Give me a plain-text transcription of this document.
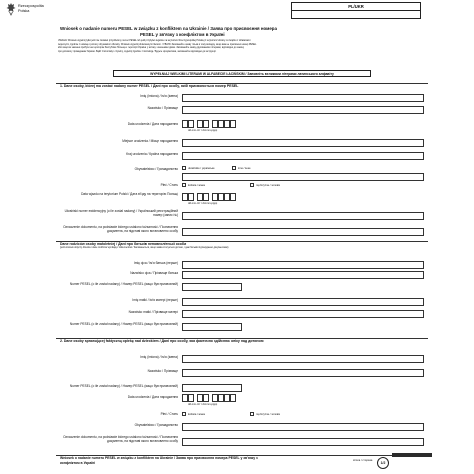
Rzeczpospolita
Polska
PL/UKR
Wniosek o nadanie numeru PESEL w związku z konfliktem na Ukrainie / Заява про присвоєння номера
PESEL у зв'язку з конфліктом в Україні
UWAGA! Wniosek wypełnij tylko jeśli nie zostałeś przydzielony numer PESEL lub jeśli przybyłeś legalnie na terytorium Rzeczypospolitej Polskiej z terytorium Ukrainy w związku z działaniami
wojennymi, zgodnie z ustawą o pomocy obywatelom Ukrainy. Wniosek wypełnij drukowanymi literami. / УВАГА! Заповнюйте заяву тільки в тому випадку, якщо вам не присвоєно номер PESEL
або якщо ви законно прибули на територію Республіки Польща з території України у зв'язку з воєнними діями. Заповнюйте заяву друкованими літерами, відповідно до закону
про допомогу громадянам України. Bądź zrozumiały i czytelny, wypełnij zgodnie z instrukcją / Будьте зрозумілими, заповнюйте відповідно до інструкції.
WYPEŁNIAJ WIELKIMI LITERAMI W ALFABECIE ŁACIŃSKIM / Заповніть великими літерами латинського алфавіту
1. Dane osoby, której ma zostać nadany numer PESEL / Дані про особу, якій присвоюється номер PESEL
Imię (imiona) / Ім'я (імена)
Nazwisko / Прізвище
Data urodzenia / Дата народження
dd-mm-rrrr / dd-mm-рррр
Miejsce urodzenia / Місце народження
Kraj urodzenia / Країна народження
Obywatelstwo / Громадянство	ukraińskie / українське	inne / інше
Płeć / Стать	kobieta / жінка	mężczyzna / чоловік
Data wjazdu na terytorium Polski / Дата в'їзду на територію Польщі
dd-mm-rrrr / dd-mm-рррр
Ukraiński numer ewidencyjny (o ile został nadany) / Український реєстраційний номер (запис №)
Oznaczenie dokumentu, na podstawie którego ustalono tożsamość / Позначення документа, на підставі якого встановлено особу
Dane rodziców osoby małoletniej / Дані про батьків неповнолітньої особи
(jeśli wniosek dotyczy dziecka i dane rodziców wynikają z dokumentów / Заповнюється, якщо заява стосується дитини, і дані батьків підтверджено документами)
Imię ojca / Ім'я батька (перше)
Nazwisko ojca / Прізвище батька
Numer PESEL (o ile został nadany) / Номер PESEL (якщо був присвоєний)
Imię matki / Ім'я матері (перше)
Nazwisko matki / Прізвище матері
Numer PESEL (o ile został nadany) / Номер PESEL (якщо був присвоєний)
2. Dane osoby sprawującej faktyczną opiekę nad dzieckiem / Дані про особу, яка фактично здійснює опіку над дитиною
Imię (imiona) / Ім'я (імена)
Nazwisko / Прізвище
Numer PESEL (o ile został nadany) / Номер PESEL (якщо був присвоєний)
Data urodzenia / Дата народження
dd-mm-rrrr / dd-mm-рррр
Płeć / Стать	kobieta / жінка	mężczyzna / чоловік
Obywatelstwo / Громадянство
Oznaczenie dokumentu, na podstawie którego ustalono tożsamość / Позначення документа, на підставі якого встановлено особу
Wniosek o nadanie numeru PESEL w związku z konfliktem na Ukrainie / Заява про присвоєння номера PESEL у зв'язку з
конфліктом в Україні
strona / сторінка
1/2
